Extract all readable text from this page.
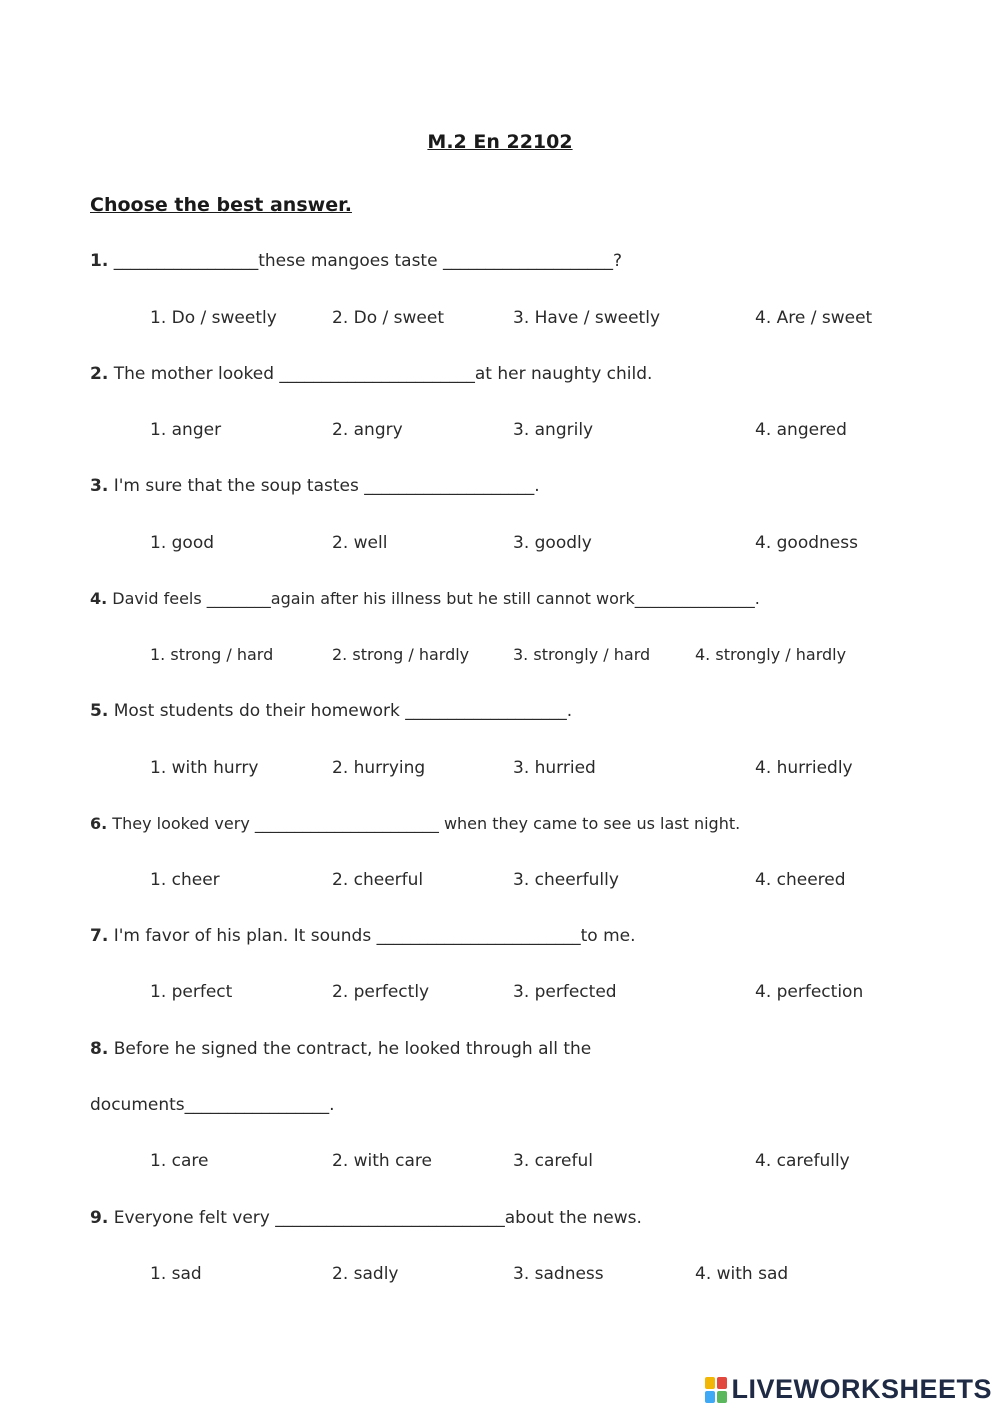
M.2 En 22102
Choose the best answer.
1. _________________these mangoes taste ____________________?
1. Do / sweetly	2. Do / sweet	3. Have / sweetly	4. Are / sweet
2. The mother looked _______________________at her naughty child.
1. anger	2. angry	3. angrily	4. angered
3. I'm sure that the soup tastes ____________________.
1. good	2. well	3. goodly	4. goodness
4. David feels ________again after his illness but he still cannot work_______________.
1. strong / hard	2. strong / hardly	3. strongly / hard	4. strongly / hardly
5. Most students do their homework ___________________.
1. with hurry	2. hurrying	3. hurried	4. hurriedly
6. They looked very _______________________ when they came to see us last night.
1. cheer	2. cheerful	3. cheerfully	4. cheered
7. I'm favor of his plan. It sounds ________________________to me.
1. perfect	2. perfectly	3. perfected	4. perfection
8. Before he signed the contract, he looked through all the
documents_________________.
1. care	2. with care	3. careful	4. carefully
9. Everyone felt very ___________________________about the news.
1. sad	2. sadly	3. sadness	4. with sad
LIVEWORKSHEETS
